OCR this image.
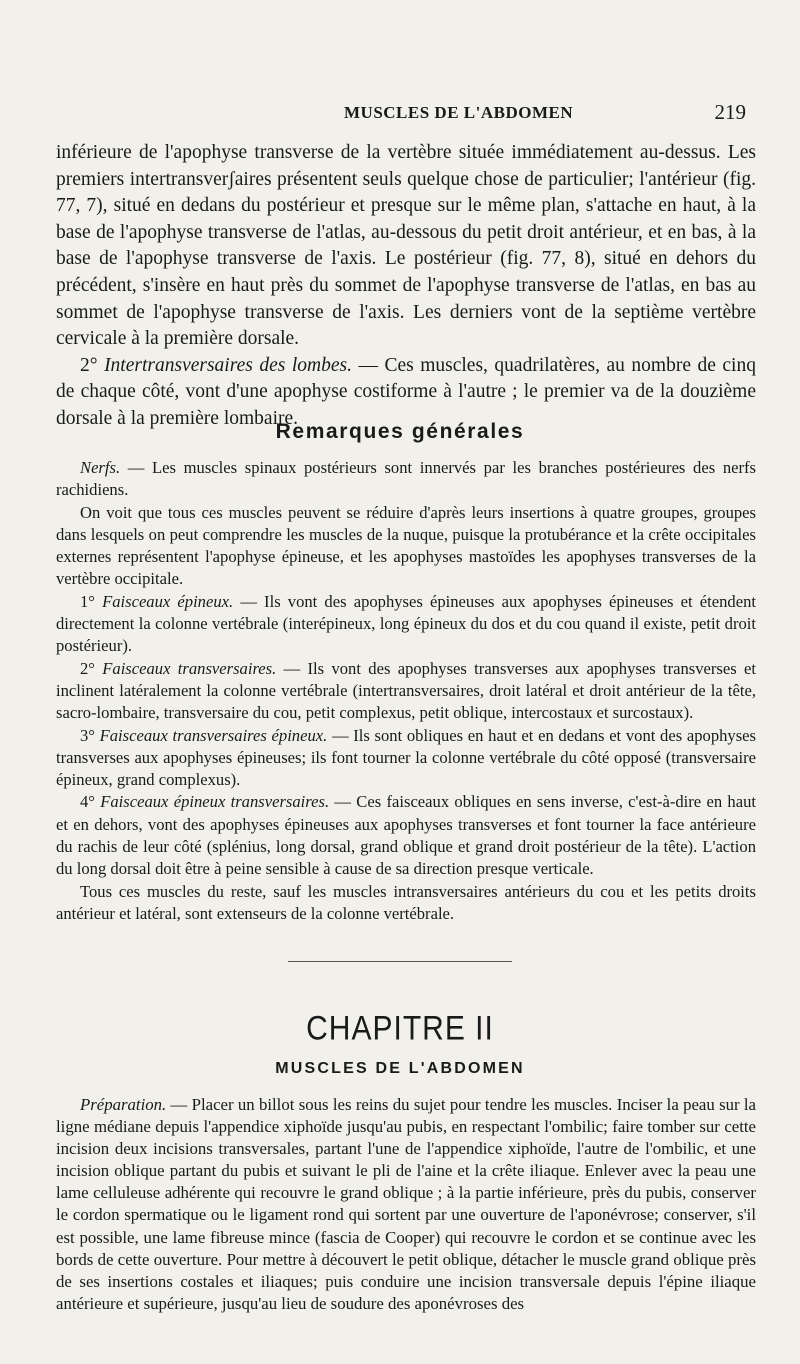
MUSCLES DE L'ABDOMEN	219

inférieure de l'apophyse transverse de la vertèbre située immédiatement au-dessus. Les premiers intertransverʃaires présentent seuls quelque chose de particulier; l'antérieur (fig. 77, 7), situé en dedans du postérieur et presque sur le même plan, s'attache en haut, à la base de l'apophyse transverse de l'atlas, au-dessous du petit droit antérieur, et en bas, à la base de l'apophyse transverse de l'axis. Le postérieur (fig. 77, 8), situé en dehors du précédent, s'insère en haut près du sommet de l'apophyse transverse de l'atlas, en bas au sommet de l'apophyse transverse de l'axis. Les derniers vont de la septième vertèbre cervicale à la première dorsale.

2° Intertransversaires des lombes. — Ces muscles, quadrilatères, au nombre de cinq de chaque côté, vont d'une apophyse costiforme à l'autre ; le premier va de la douzième dorsale à la première lombaire.

Remarques générales

Nerfs. — Les muscles spinaux postérieurs sont innervés par les branches postérieures des nerfs rachidiens.

On voit que tous ces muscles peuvent se réduire d'après leurs insertions à quatre groupes, groupes dans lesquels on peut comprendre les muscles de la nuque, puisque la protubérance et la crête occipitales externes représentent l'apophyse épineuse, et les apophyses mastoïdes les apophyses transverses de la vertèbre occipitale.

1° Faisceaux épineux. — Ils vont des apophyses épineuses aux apophyses épineuses et étendent directement la colonne vertébrale (interépineux, long épineux du dos et du cou quand il existe, petit droit postérieur).

2° Faisceaux transversaires. — Ils vont des apophyses transverses aux apophyses transverses et inclinent latéralement la colonne vertébrale (intertransversaires, droit latéral et droit antérieur de la tête, sacro-lombaire, transversaire du cou, petit complexus, petit oblique, intercostaux et surcostaux).

3° Faisceaux transversaires épineux. — Ils sont obliques en haut et en dedans et vont des apophyses transverses aux apophyses épineuses; ils font tourner la colonne vertébrale du côté opposé (transversaire épineux, grand complexus).

4° Faisceaux épineux transversaires. — Ces faisceaux obliques en sens inverse, c'est-à-dire en haut et en dehors, vont des apophyses épineuses aux apophyses transverses et font tourner la face antérieure du rachis de leur côté (splénius, long dorsal, grand oblique et grand droit postérieur de la tête). L'action du long dorsal doit être à peine sensible à cause de sa direction presque verticale.

Tous ces muscles du reste, sauf les muscles intransversaires antérieurs du cou et les petits droits antérieur et latéral, sont extenseurs de la colonne vertébrale.

CHAPITRE II
MUSCLES DE L'ABDOMEN

Préparation. — Placer un billot sous les reins du sujet pour tendre les muscles. Inciser la peau sur la ligne médiane depuis l'appendice xiphoïde jusqu'au pubis, en respectant l'ombilic; faire tomber sur cette incision deux incisions transversales, partant l'une de l'appendice xiphoïde, l'autre de l'ombilic, et une incision oblique partant du pubis et suivant le pli de l'aine et la crête iliaque. Enlever avec la peau une lame celluleuse adhérente qui recouvre le grand oblique ; à la partie inférieure, près du pubis, conserver le cordon spermatique ou le ligament rond qui sortent par une ouverture de l'aponévrose; conserver, s'il est possible, une lame fibreuse mince (fascia de Cooper) qui recouvre le cordon et se continue avec les bords de cette ouverture. Pour mettre à découvert le petit oblique, détacher le muscle grand oblique près de ses insertions costales et iliaques; puis conduire une incision transversale depuis l'épine iliaque antérieure et supérieure, jusqu'au lieu de soudure des aponévroses des
